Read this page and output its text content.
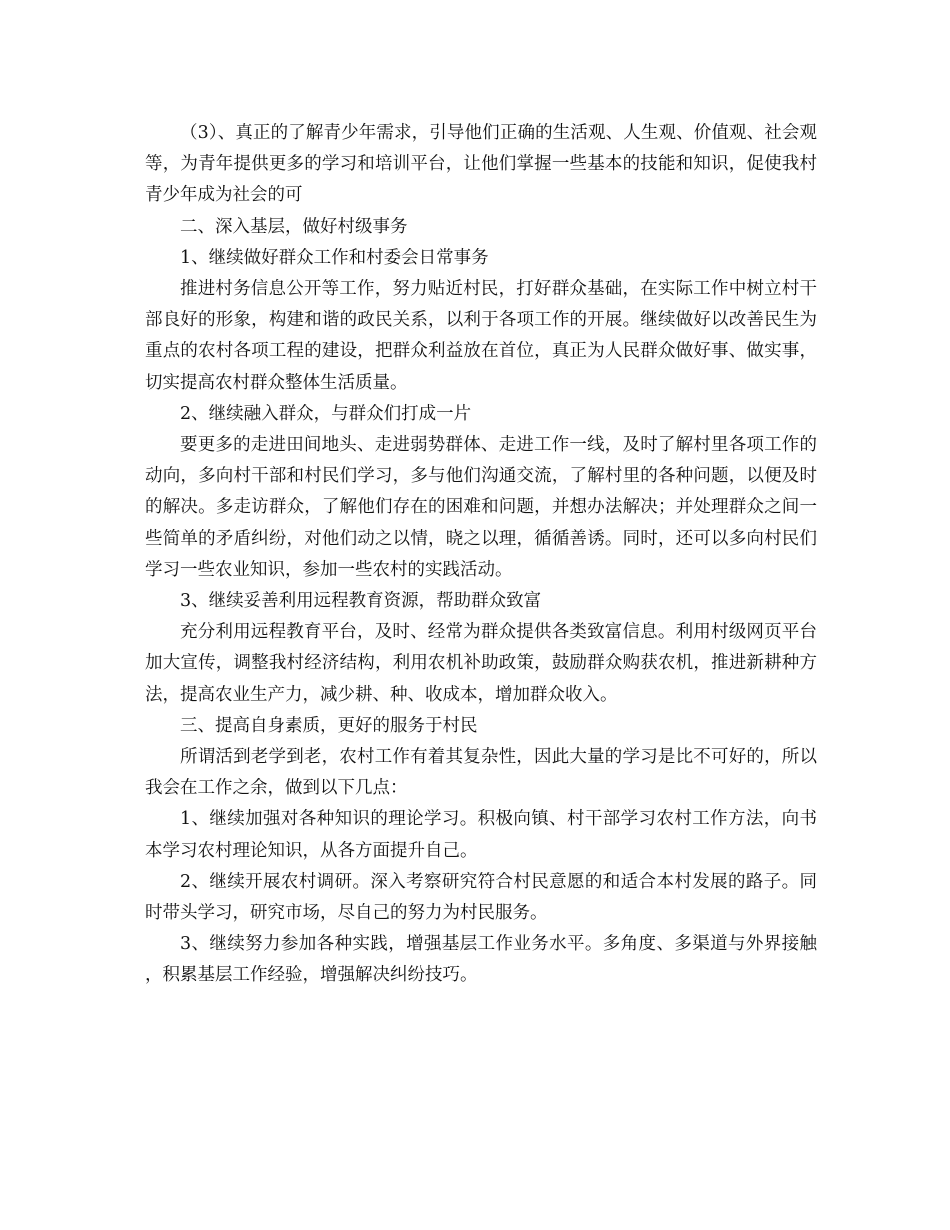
（3）、真正的了解青少年需求，引导他们正确的生活观、人生观、价值观、社会观等，为青年提供更多的学习和培训平台，让他们掌握一些基本的技能和知识，促使我村青少年成为社会的可

二、深入基层，做好村级事务

1、继续做好群众工作和村委会日常事务

推进村务信息公开等工作，努力贴近村民，打好群众基础，在实际工作中树立村干部良好的形象，构建和谐的政民关系，以利于各项工作的开展。继续做好以改善民生为重点的农村各项工程的建设，把群众利益放在首位，真正为人民群众做好事、做实事，切实提高农村群众整体生活质量。

2、继续融入群众，与群众们打成一片

要更多的走进田间地头、走进弱势群体、走进工作一线，及时了解村里各项工作的动向，多向村干部和村民们学习，多与他们沟通交流，了解村里的各种问题，以便及时的解决。多走访群众，了解他们存在的困难和问题，并想办法解决；并处理群众之间一些简单的矛盾纠纷，对他们动之以情，晓之以理，循循善诱。同时，还可以多向村民们学习一些农业知识，参加一些农村的实践活动。

3、继续妥善利用远程教育资源，帮助群众致富

充分利用远程教育平台，及时、经常为群众提供各类致富信息。利用村级网页平台加大宣传，调整我村经济结构，利用农机补助政策，鼓励群众购获农机，推进新耕种方法，提高农业生产力，减少耕、种、收成本，增加群众收入。

三、提高自身素质，更好的服务于村民

所谓活到老学到老，农村工作有着其复杂性，因此大量的学习是比不可好的，所以我会在工作之余，做到以下几点：

1、继续加强对各种知识的理论学习。积极向镇、村干部学习农村工作方法，向书本学习农村理论知识，从各方面提升自己。

2、继续开展农村调研。深入考察研究符合村民意愿的和适合本村发展的路子。同时带头学习，研究市场，尽自己的努力为村民服务。

3、继续努力参加各种实践，增强基层工作业务水平。多角度、多渠道与外界接触，积累基层工作经验，增强解决纠纷技巧。
